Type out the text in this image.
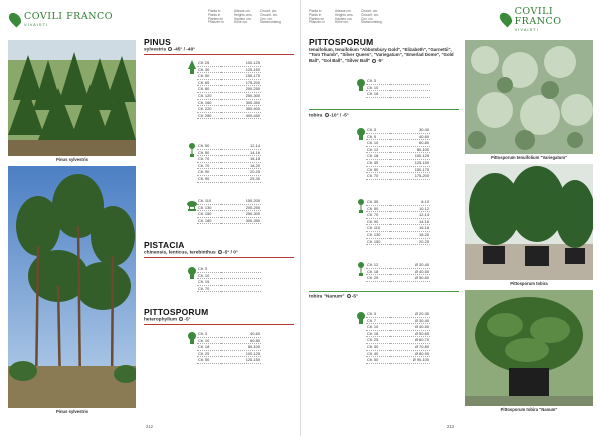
COVILI FRANCO
VIVAISTI
Pianta in
Plants in
Plantes en
Pflanzen in
Altezza cm.
Heights cms.
Hauteur cm.
Höhe cm.
Circonf. cm.
Circumf. cm.
Circ. cm.
Stammumfang
Pinus sylvestris
Pinus sylvestris
PINUS
sylvestris -45° / -40°
Clt. 25	100-125
Clt. 30	125-150
Clt. 50	150-175
Clt. 65	175-200
Clt. 80	200-250
Clt. 120	250-300
Clt. 160	300-350
Clt. 220	350-400
Clt. 280	400-450
Clt. 50	12-14
Clt. 50	14-16
Clt. 70	16-18
Clt. 70	18-20
Clt. 90	20-25
Clt. 90	25-30
Clt. 110	150-200
Clt. 130	200-250
Clt. 150	250-300
Clt. 180	300-350
PISTACIA
chinensis, lenticus, terebinthus -5° / 0°
Clt. 3	
Clt. 10	
Clt. 15	
Clt. 70	
PITTOSPORUM
heterophyllum -5°
Clt. 3	40-60
Clt. 10	60-80
Clt. 18	80-100
Clt. 25	100-125
Clt. 50	125-150
212
Pianta in
Plants in
Plantes en
Pflanzen in
Altezza cm.
Heights cms.
Hauteur cm.
Höhe cm.
Circonf. cm.
Circumf. cm.
Circ. cm.
Stammumfang
COVILI FRANCO
VIVAISTI
PITTOSPORUM
tenuifolium, tenuifolium "Abbotsbury Gold", "Elizabeth", "Garnettii", "Tom Thumb", "Silver Queen", "Variegatum", "Emerlad Dome", "Gold Ball", "Gol Ball", "Silver Ball" -5°
Clt. 3	
Clt. 10	
Clt. 18	
tobira -10° / -5°
Clt. 3	30-40
Clt. 5	40-60
Clt. 10	60-80
Clt. 12	80-100
Clt. 18	100-125
Clt. 35	125-150
Clt. 50	150-175
Clt. 70	175-200
Clt. 35	8-10
Clt. 50	10-12
Clt. 70	12-14
Clt. 90	14-16
Clt. 110	16-18
Clt. 130	18-20
Clt. 150	20-25
Clt. 12	Ø 30-40
Clt. 18	Ø 40-50
Clt. 25	Ø 50-60
tobira "Nanum" -5°
Clt. 3	Ø 20-30
Clt. 7	Ø 30-40
Clt. 10	Ø 40-50
Clt. 18	Ø 50-60
Clt. 25	Ø 60-70
Clt. 30	Ø 70-80
Clt. 40	Ø 80-90
Clt. 50	Ø 90-100
Pittosporum tenuifolium "Variegatum"
Pittosporum tobira
Pittosporum tobira "Nanum"
213
